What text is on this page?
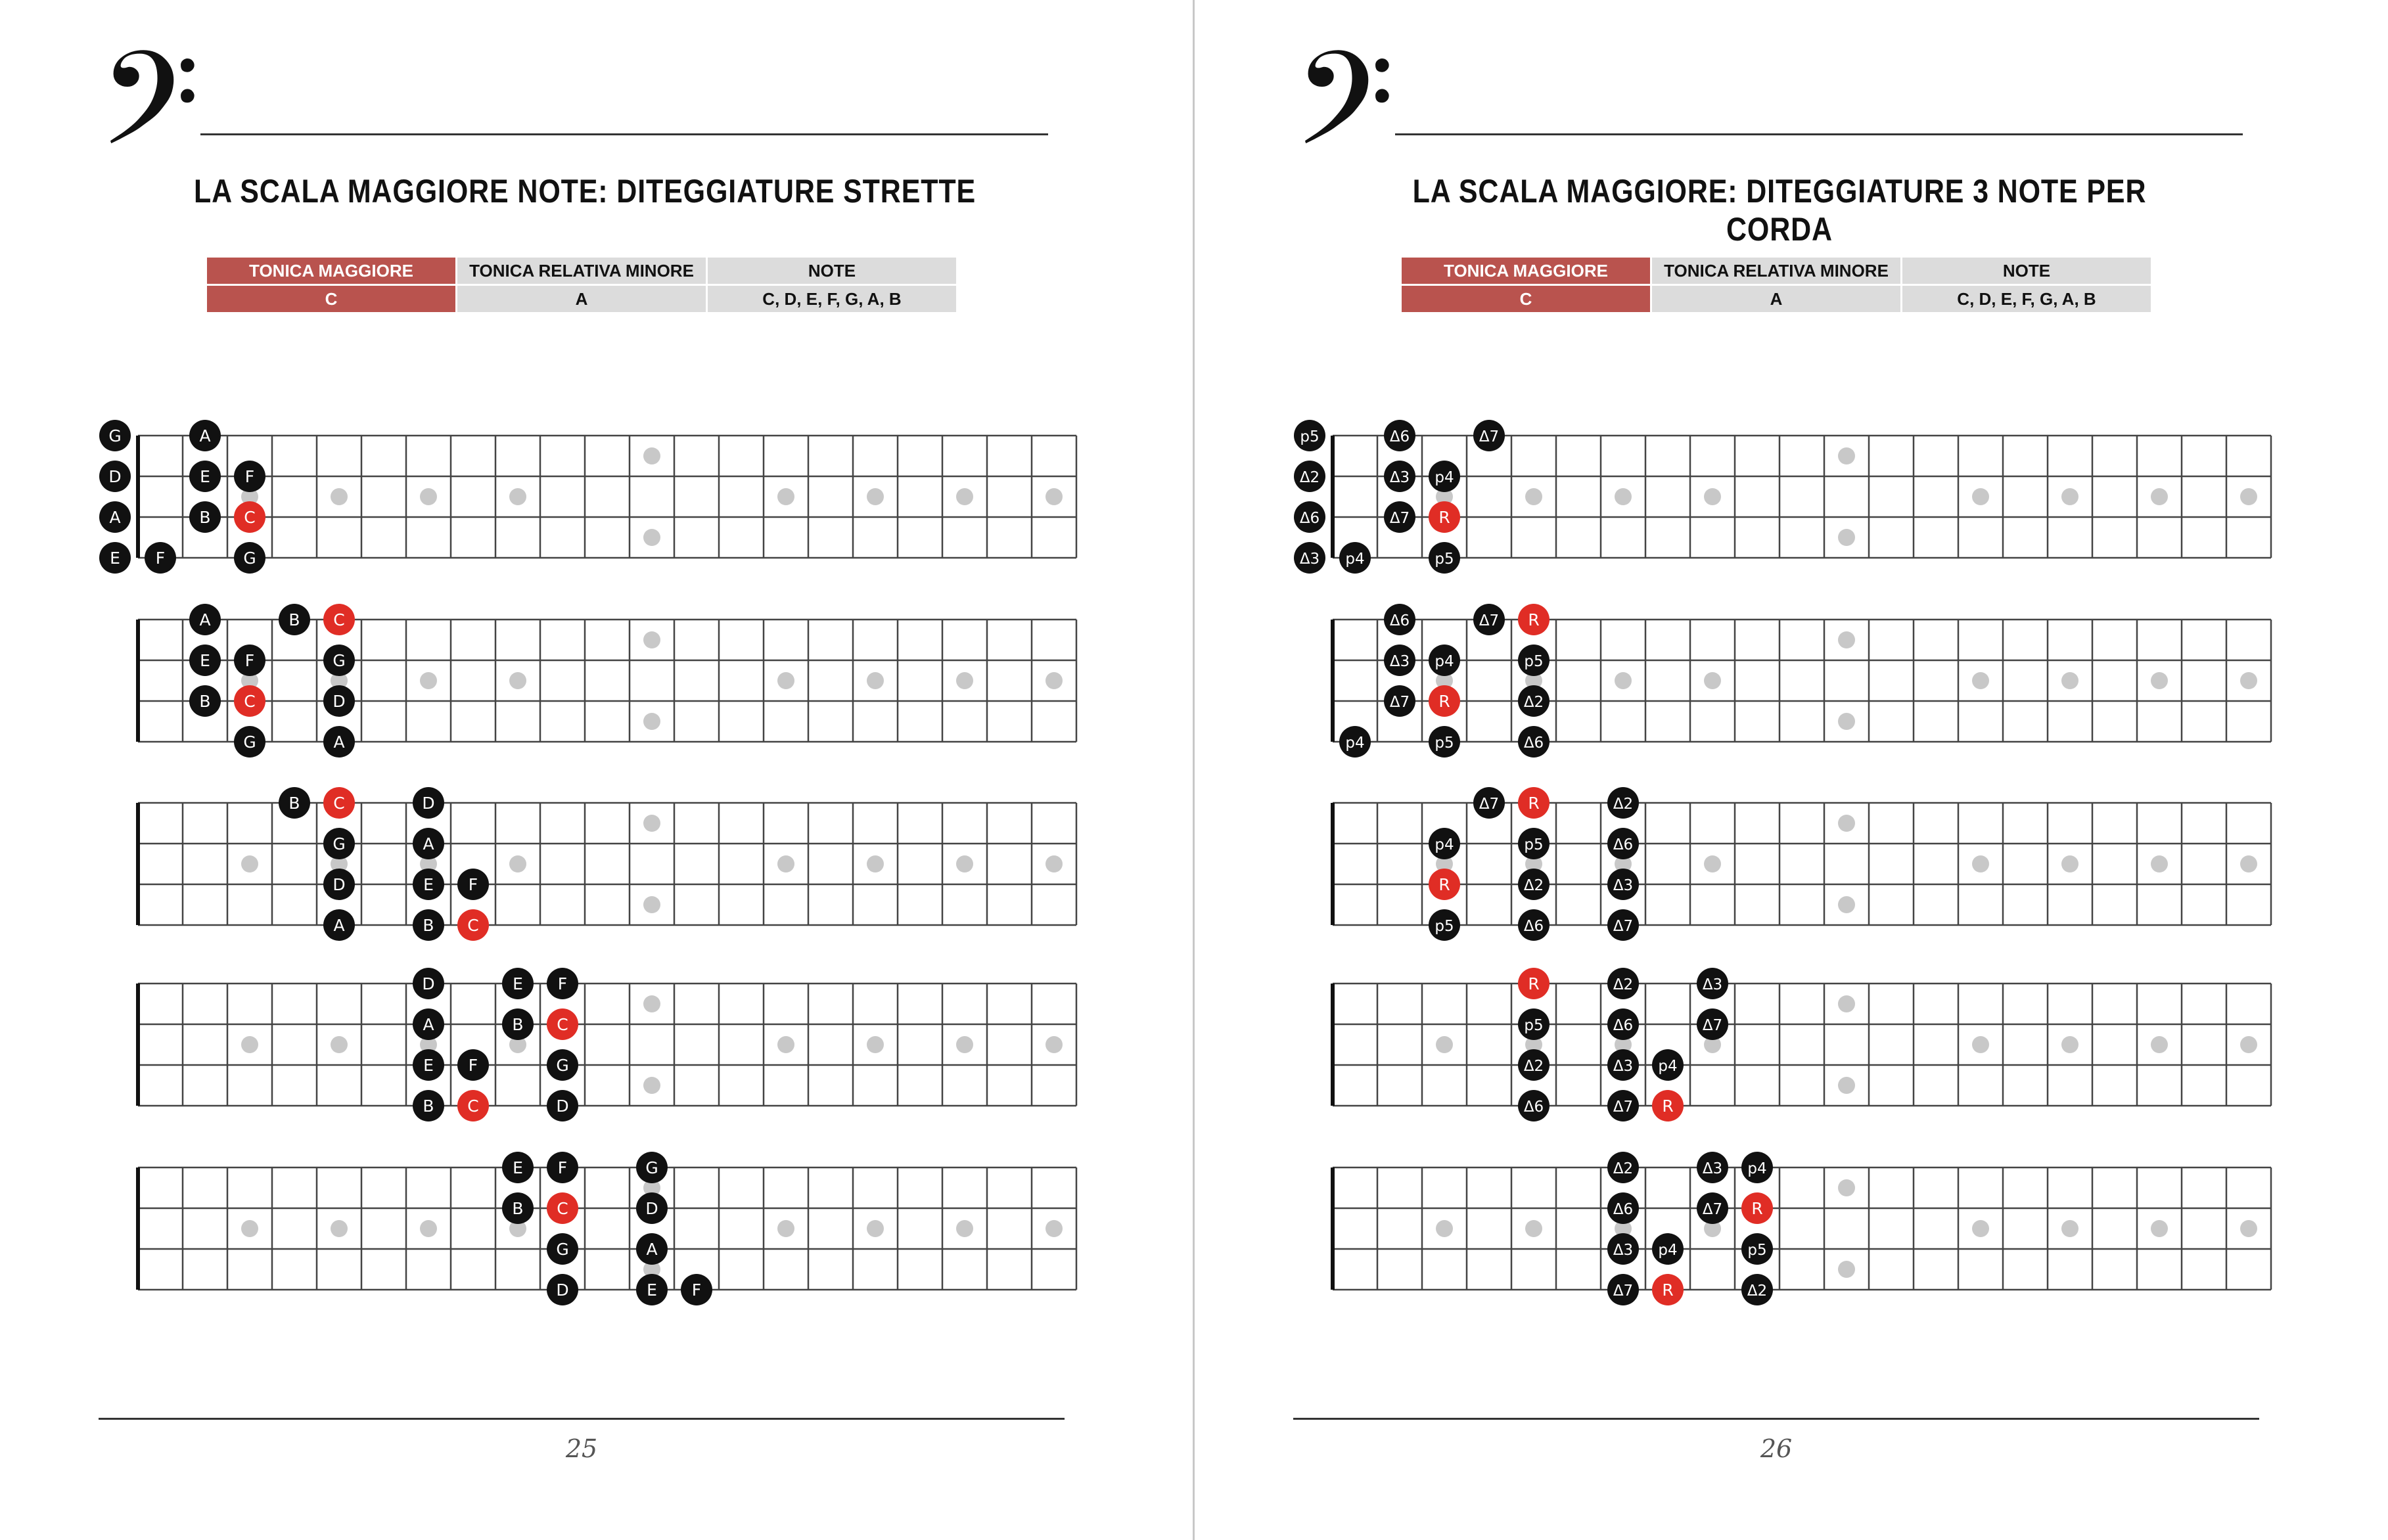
𝄢
LA SCALA MAGGIORE NOTE: DITEGGIATURE STRETTE
TONICA MAGGIORE	TONICA RELATIVA MINORE	NOTE
C	A	C, D, E, F, G, A, B
G
D
A
E F
A
E
B
F
C
G
A
E
B
F
C
G
B C
G
D
A
B C
G
D
A
D
A
E
B
F
C
D
A
E
B
F
C
E
B
F
C
G
D
E
B
F
C
G
D
G
D
A
E F
25
𝄢 LA SCALA MAGGIORE: DITEGGIATURE 3 NOTE PER CORDA
TONICA MAGGIORE	TONICA RELATIVA MINORE	NOTE
C	A	C, D, E, F, G, A, B
p5
Δ2
Δ6
Δ3 p4
Δ6
Δ3
Δ7
p4
R
p5
Δ7
Δ6
Δ3
Δ7
p4
p4
R
p5
Δ7 R
p5
Δ2
Δ6
Δ7
p4
R
p5
R
p5
Δ2
Δ6
Δ2
Δ6
Δ3
Δ7
R
p5
Δ2
Δ6
Δ2
Δ6
Δ3
Δ7
p4
R
Δ3
Δ7
Δ2
Δ6
Δ3
Δ7
p4
R
Δ3
Δ7
p4
R
p5
Δ2
26
